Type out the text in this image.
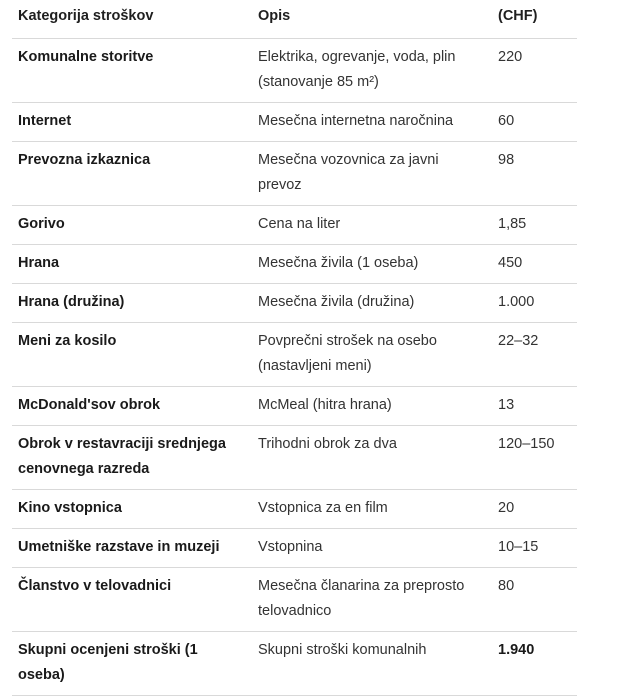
Kategorija stroškov	Opis	(CHF)
Komunalne storitve	Elektrika, ogrevanje, voda, plin (stanovanje 85 m²)	220
Internet	Mesečna internetna naročnina	60
Prevozna izkaznica	Mesečna vozovnica za javni prevoz	98
Gorivo	Cena na liter	1,85
Hrana	Mesečna živila (1 oseba)	450
Hrana (družina)	Mesečna živila (družina)	1.000
Meni za kosilo	Povprečni strošek na osebo (nastavljeni meni)	22–32
McDonald'sov obrok	McMeal (hitra hrana)	13
Obrok v restavraciji srednjega cenovnega razreda	Trihodni obrok za dva	120–150
Kino vstopnica	Vstopnica za en film	20
Umetniške razstave in muzeji	Vstopnina	10–15
Članstvo v telovadnici	Mesečna članarina za preprosto telovadnico	80
Skupni ocenjeni stroški (1 oseba)	Skupni stroški komunalnih	1.940
